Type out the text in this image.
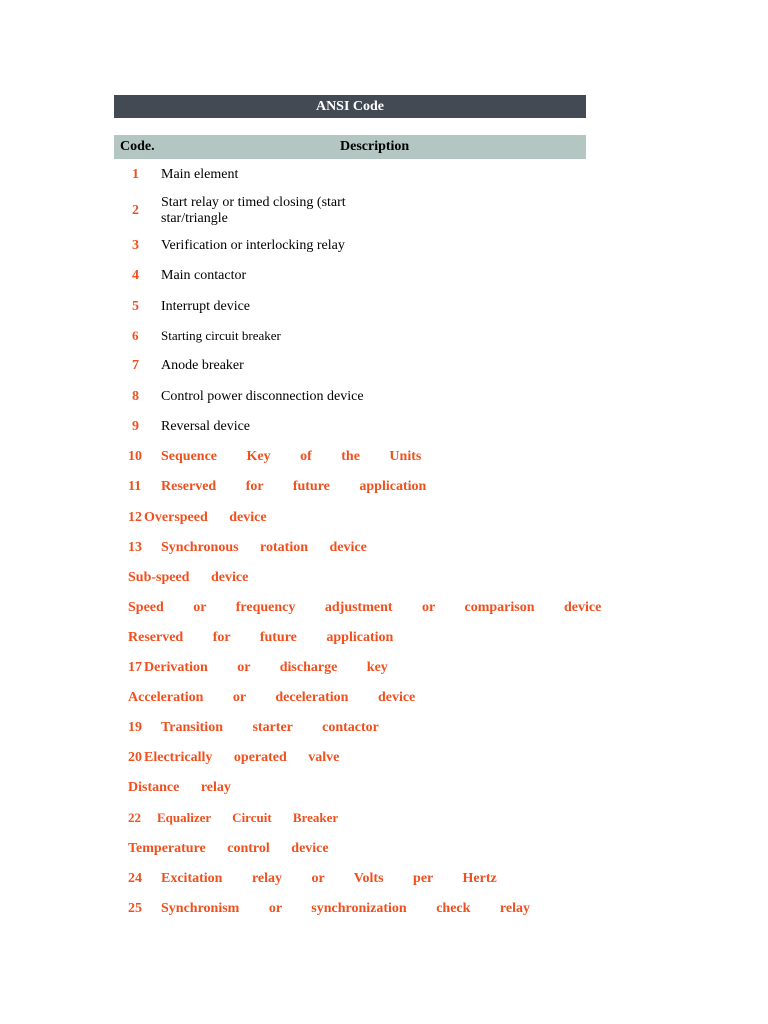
ANSI Code
Code.	Description
1 Main element
2
Start relay or timed closing (start star/triangle
3 Verification or interlocking relay
4 Main contactor
5 Interrupt device
6 Starting circuit breaker
7 Anode breaker
8 Control power disconnection device
9 Reversal device
10 Sequence Key of the Units
11 Reserved for future application
12 Overspeed device
13 Synchronous rotation device
Sub-speed device
Speed or frequency adjustment or comparison device
Reserved for future application
17 Derivation or discharge key
Acceleration or deceleration device
19 Transition starter contactor
20 Electrically operated valve
Distance relay
22 Equalizer Circuit Breaker
Temperature control device
24 Excitation relay or Volts per Hertz
25 Synchronism or synchronization check relay
